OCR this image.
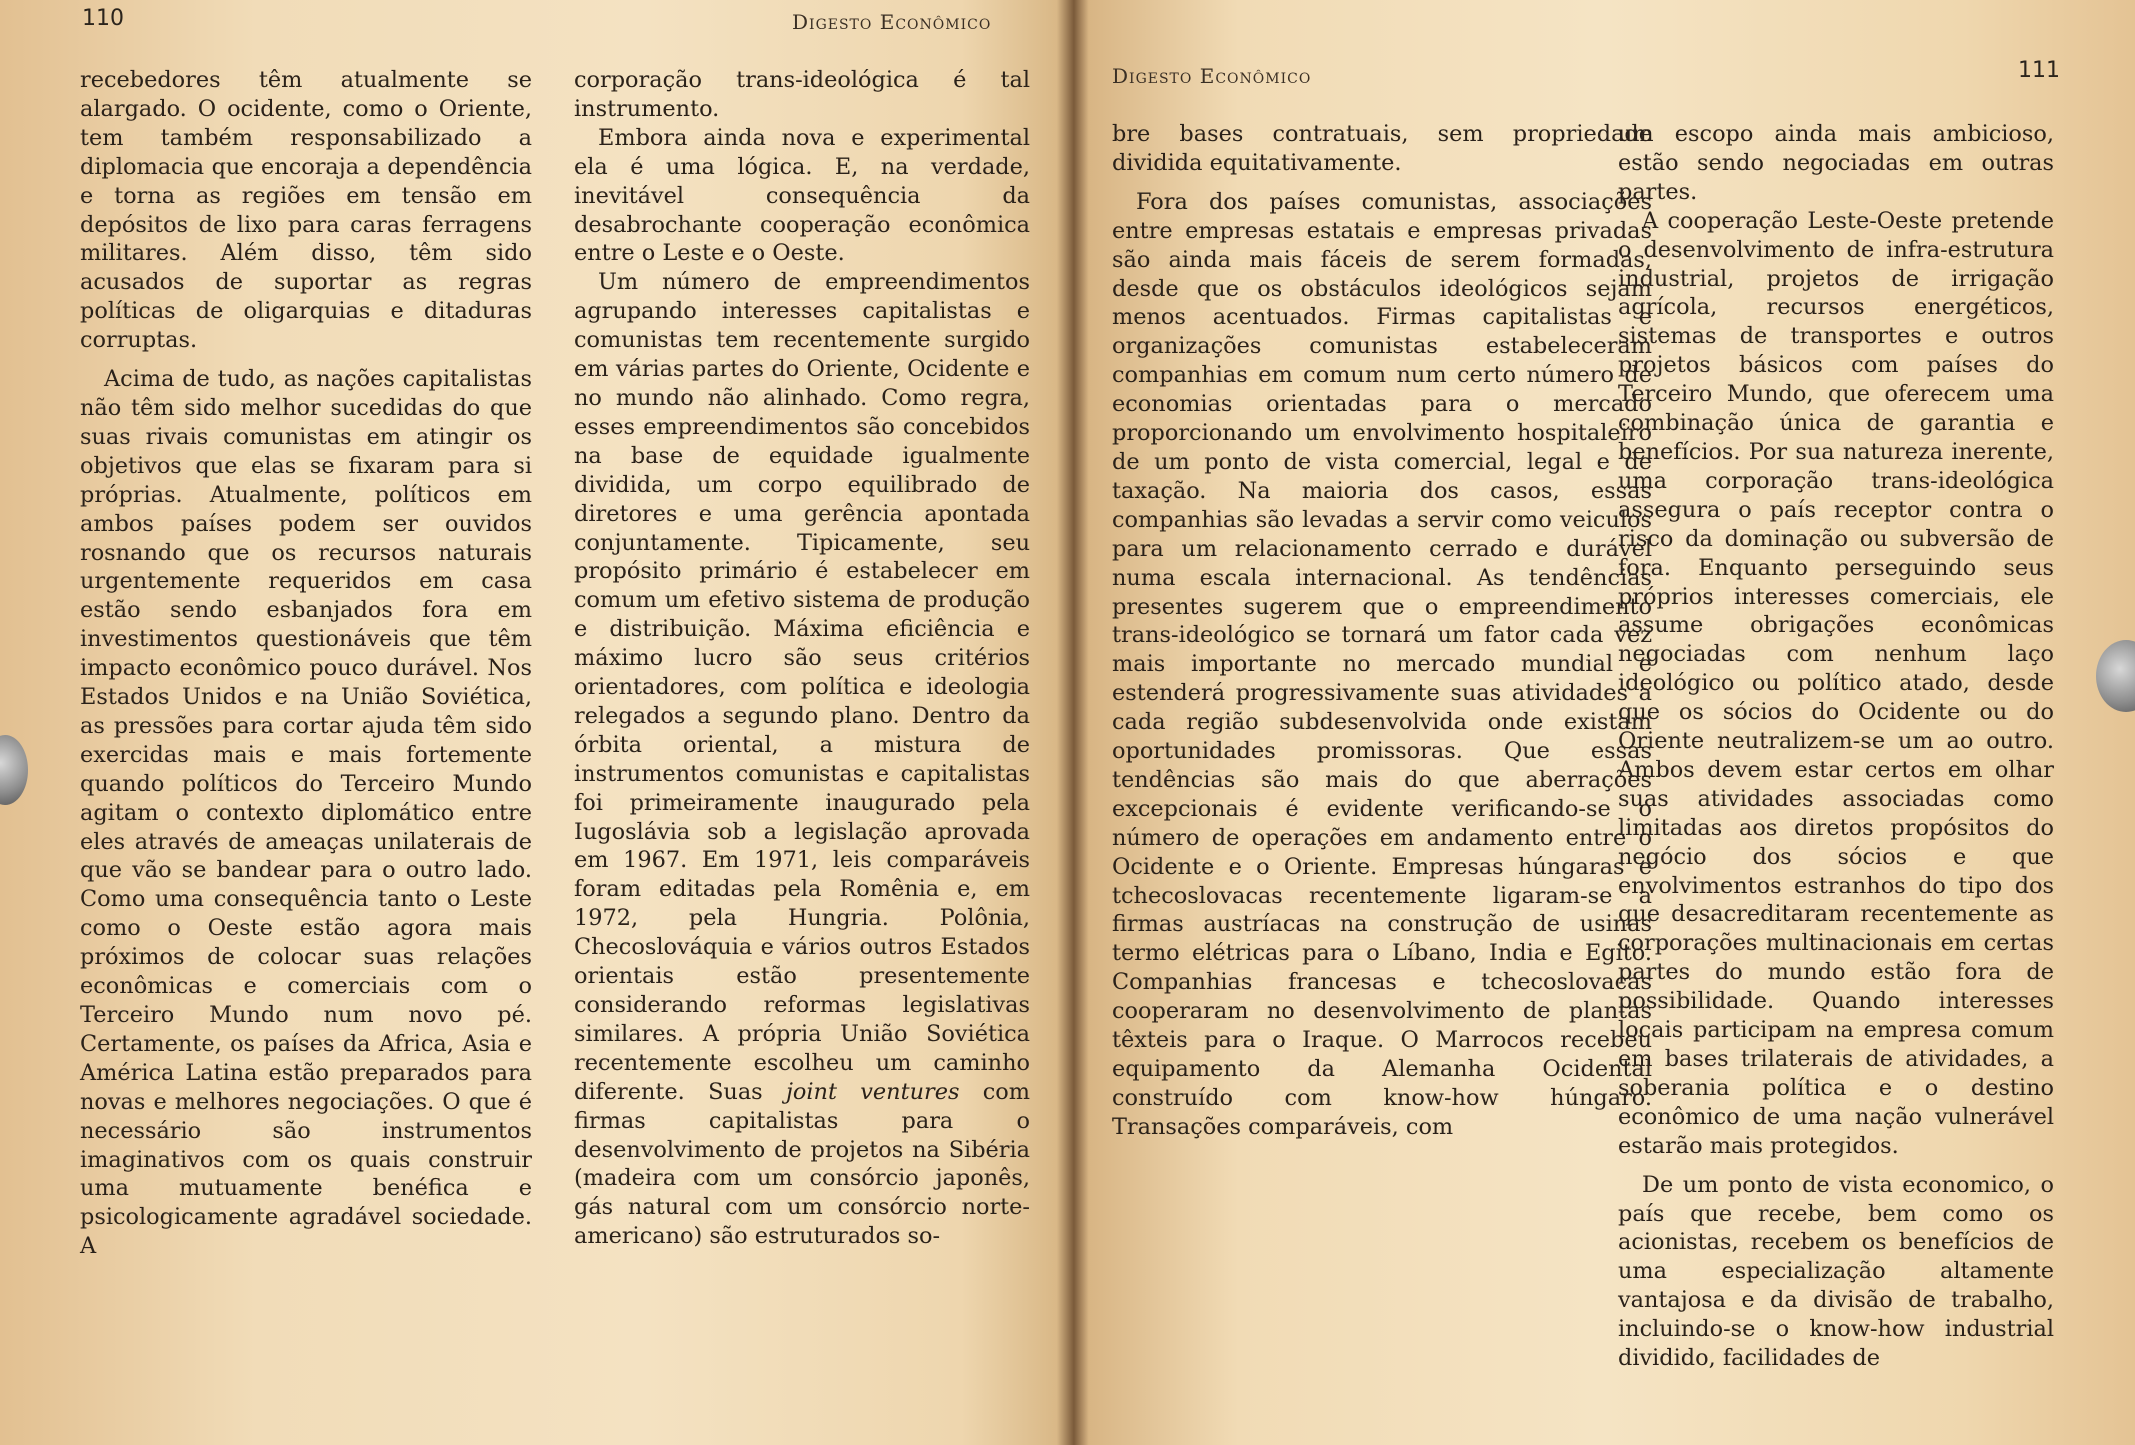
110	Digesto Econômico

recebedores têm atualmente se alargado. O ocidente, como o Oriente, tem também responsabilizado a diplomacia que encoraja a dependência e torna as regiões em tensão em depósitos de lixo para caras ferragens militares. Além disso, têm sido acusados de suportar as regras políticas de oligarquias e ditaduras corruptas.

Acima de tudo, as nações capitalistas não têm sido melhor sucedidas do que suas rivais comunistas em atingir os objetivos que elas se fixaram para si próprias. Atualmente, políticos em ambos países podem ser ouvidos rosnando que os recursos naturais urgentemente requeridos em casa estão sendo esbanjados fora em investimentos questionáveis que têm impacto econômico pouco durável. Nos Estados Unidos e na União Soviética, as pressões para cortar ajuda têm sido exercidas mais e mais fortemente quando políticos do Terceiro Mundo agitam o contexto diplomático entre eles através de ameaças unilaterais de que vão se bandear para o outro lado. Como uma consequência tanto o Leste como o Oeste estão agora mais próximos de colocar suas relações econômicas e comerciais com o Terceiro Mundo num novo pé. Certamente, os países da Africa, Asia e América Latina estão preparados para novas e melhores negociações. O que é necessário são instrumentos imaginativos com os quais construir uma mutuamente benéfica e psicologicamente agradável sociedade. A

corporação trans-ideológica é tal instrumento.

Embora ainda nova e experimental ela é uma lógica. E, na verdade, inevitável consequência da desabrochante cooperação econômica entre o Leste e o Oeste.

Um número de empreendimentos agrupando interesses capitalistas e comunistas tem recentemente surgido em várias partes do Oriente, Ocidente e no mundo não alinhado. Como regra, esses empreendimentos são concebidos na base de equidade igualmente dividida, um corpo equilibrado de diretores e uma gerência apontada conjuntamente. Tipicamente, seu propósito primário é estabelecer em comum um efetivo sistema de produção e distribuição. Máxima eficiência e máximo lucro são seus critérios orientadores, com política e ideologia relegados a segundo plano. Dentro da órbita oriental, a mistura de instrumentos comunistas e capitalistas foi primeiramente inaugurado pela Iugoslávia sob a legislação aprovada em 1967. Em 1971, leis comparáveis foram editadas pela Romênia e, em 1972, pela Hungria. Polônia, Checoslováquia e vários outros Estados orientais estão presentemente considerando reformas legislativas similares. A própria União Soviética recentemente escolheu um caminho diferente. Suas joint ventures com firmas capitalistas para o desenvolvimento de projetos na Sibéria (madeira com um consórcio japonês, gás natural com um consórcio norte-americano) são estruturados so-

Digesto Econômico	111

bre bases contratuais, sem propriedade dividida equitativamente.

Fora dos países comunistas, associações entre empresas estatais e empresas privadas são ainda mais fáceis de serem formadas, desde que os obstáculos ideológicos sejam menos acentuados. Firmas capitalistas e organizações comunistas estabeleceram companhias em comum num certo número de economias orientadas para o mercado proporcionando um envolvimento hospitaleiro de um ponto de vista comercial, legal e de taxação. Na maioria dos casos, essas companhias são levadas a servir como veiculos para um relacionamento cerrado e durável numa escala internacional. As tendências presentes sugerem que o empreendimento trans-ideológico se tornará um fator cada vez mais importante no mercado mundial e estenderá progressivamente suas atividades a cada região subdesenvolvida onde existam oportunidades promissoras. Que essas tendências são mais do que aberrações excepcionais é evidente verificando-se o número de operações em andamento entre o Ocidente e o Oriente. Empresas húngaras e tchecoslovacas recentemente ligaram-se a firmas austríacas na construção de usinas termo elétricas para o Líbano, India e Egito. Companhias francesas e tchecoslovacas cooperaram no desenvolvimento de plantas têxteis para o Iraque. O Marrocos recebeu equipamento da Alemanha Ocidental construído com know-how húngaro. Transações comparáveis, com

um escopo ainda mais ambicioso, estão sendo negociadas em outras partes.

A cooperação Leste-Oeste pretende o desenvolvimento de infra-estrutura industrial, projetos de irrigação agrícola, recursos energéticos, sistemas de transportes e outros projetos básicos com países do Terceiro Mundo, que oferecem uma combinação única de garantia e benefícios. Por sua natureza inerente, uma corporação trans-ideológica assegura o país receptor contra o risco da dominação ou subversão de fora. Enquanto perseguindo seus próprios interesses comerciais, ele assume obrigações econômicas negociadas com nenhum laço ideológico ou político atado, desde que os sócios do Ocidente ou do Oriente neutralizem-se um ao outro. Ambos devem estar certos em olhar suas atividades associadas como limitadas aos diretos propósitos do negócio dos sócios e que envolvimentos estranhos do tipo dos que desacreditaram recentemente as corporações multinacionais em certas partes do mundo estão fora de possibilidade. Quando interesses locais participam na empresa comum em bases trilaterais de atividades, a soberania política e o destino econômico de uma nação vulnerável estarão mais protegidos.

De um ponto de vista economico, o país que recebe, bem como os acionistas, recebem os benefícios de uma especialização altamente vantajosa e da divisão de trabalho, incluindo-se o know-how industrial dividido, facilidades de
